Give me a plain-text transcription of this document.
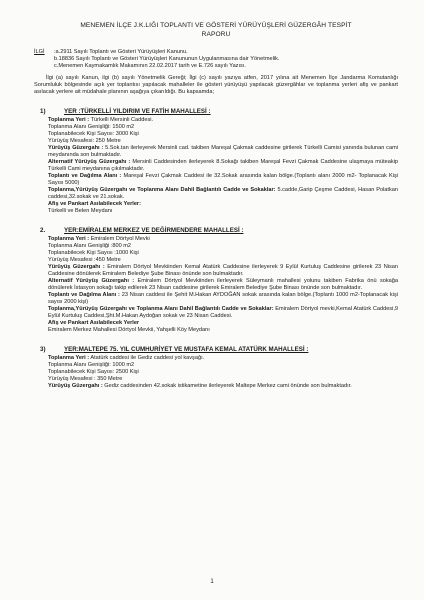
MENEMEN İLÇE J.K.LIĞI TOPLANTI VE GÖSTERİ YÜRÜYÜŞLERİ GÜZERGÂH TESPİT
RAPORU
İLGİ	:a.2911 Sayılı Toplantı ve Gösteri Yürüyüşleri Kanunu.
b.18836 Sayılı Toplantı ve Gösteri Yürüyüşleri Kanununun Uygulanmasına dair Yönetmelik.
c.Menemen Kaymakamlık Makamının 22.02.2017 tarih ve E.726 sayılı Yazısı.
İlgi (a) sayılı Kanun, ilgi (b) sayılı Yönetmelik Gereği; İlgi (c) sayılı yazıya atfen, 2017 yılına ait Menemen İlçe Jandarma Komutanlığı Sorumluluk bölgesinde açık yer toplantısı yapılacak mahalleler ile gösteri yürüyüşü yapılacak güzergâhlar ve toplanma yerleri afiş ve pankart asılacak yerlere ait müdahale planının aşağıya çıkarıldığı. Bu kapsamda;
1)	YER :TÜRKELLİ YILDIRIM VE FATİH MAHALLESİ :
Toplanma Yeri : Türkelli Mersinli Caddesi.
Toplanma Alanı Genişliği: 1500 m2
Toplanabilecek Kişi Sayısı: 3000 Kişi
Yürüyüş Mesafesi: 250 Metre
Yürüyüş Güzergahı : 5.Sok.tan ilerleyerek Mersinli cad. takiben Mareşal Çakmak caddesine girilerek Türkelli Camisi yanında bulunan cami meydanında son bulmaktadır.
Alternatif Yürüyüş Güzergahı : Mersinli Caddesinden ilerleyerek 8.Sokağı takiben Mareşal Fevzi Çakmak Caddesine ulaşmaya müteakip Türkelli Cami meydanına çıkılmaktadır.
Toplantı ve Dağılma Alanı : Mareşal Fevzi Çakmak Caddesi ile 32.Sokak arasında kalan bölge.(Toplantı alanı 2000 m2- Toplanacak Kişi Sayısı 5000)
Toplanma,Yürüyüş Güzergahı ve Toplanma Alanı Dahil Bağlantılı Cadde ve Sokaklar: 5.cadde,Garip Çeşme Caddesi, Hasan Polatkan caddesi,32.sokak ve 21.sokak.
Afiş ve Pankart Asılabilecek Yerler:
Türkelli ve Belen Meydanı
2.	YER:EMİRALEM MERKEZ VE DEĞİRMENDERE MAHALLESİ :
Toplanma Yeri : Emiralem Dörtyol Mevki
Toplanma Alanı Genişliği :800 m2
Toplanabilecek Kişi Sayısı :1000 Kişi
Yürüyüş Mesafesi :450 Metre
Yürüyüş Güzergahı : Emiralem Dörtyol Mevkiinden Kemal Atatürk Caddesine ilerleyerek 9 Eylül Kurtuluş Caddesine girilerek 23 Nisan Caddesine dönülerek Emiralem Belediye Şube Binası önünde son bulmaktadır.
Alternatif Yürüyüş Güzergahı : Emiralem Dörtyol Mevkiinden ilerleyerek Süleymanlı mahallesi yolunu takiben Fabrika önü sokağa dönülerek İstasyon sokağı takip edilerek 23 Nisan caddesine girilerek Emiralem Belediye Şube Binası önünde son bulmaktadır.
Toplantı ve Dağılma Alanı : 23 Nisan caddesi ile Şehit M.Hakan AYDOĞAN sokak arasında kalan bölge.(Toplantı 1000 m2-Toplanacak kişi sayısı 2000 kişi)
Toplanma,Yürüyüş Güzergahı ve Toplanma Alanı Dahil Bağlantılı Cadde ve Sokaklar: Emiralem Dörtyol mevki,Kemal Atatürk Caddesi,9 Eylül Kurtuluş Caddesi,Şht.M.Hakan Aydoğan sokak ve 23 Nisan Caddesi.
Afiş ve Pankart Asılabilecek Yerler
Emiralem Merkez Mahallesi Dörtyol Mevkii, Yahşelli Köy Meydanı
3)	YER:MALTEPE 75. YIL CUMHURİYET VE MUSTAFA KEMAL ATATÜRK MAHALLESİ :
Toplanma Yeri : Atatürk caddesi ile Gediz caddesi yol kavşağı.
Toplanma Alanı Genişliği: 1000 m2
Toplanabilecek Kişi Sayısı: 2500 Kişi
Yürüyüş Mesafesi : 350 Metre
Yürüyüş Güzergahı : Gediz caddesinden 42.sokak istikametine ilerleyerek Maltepe Merkez cami önünde son bulmaktadır.
1
